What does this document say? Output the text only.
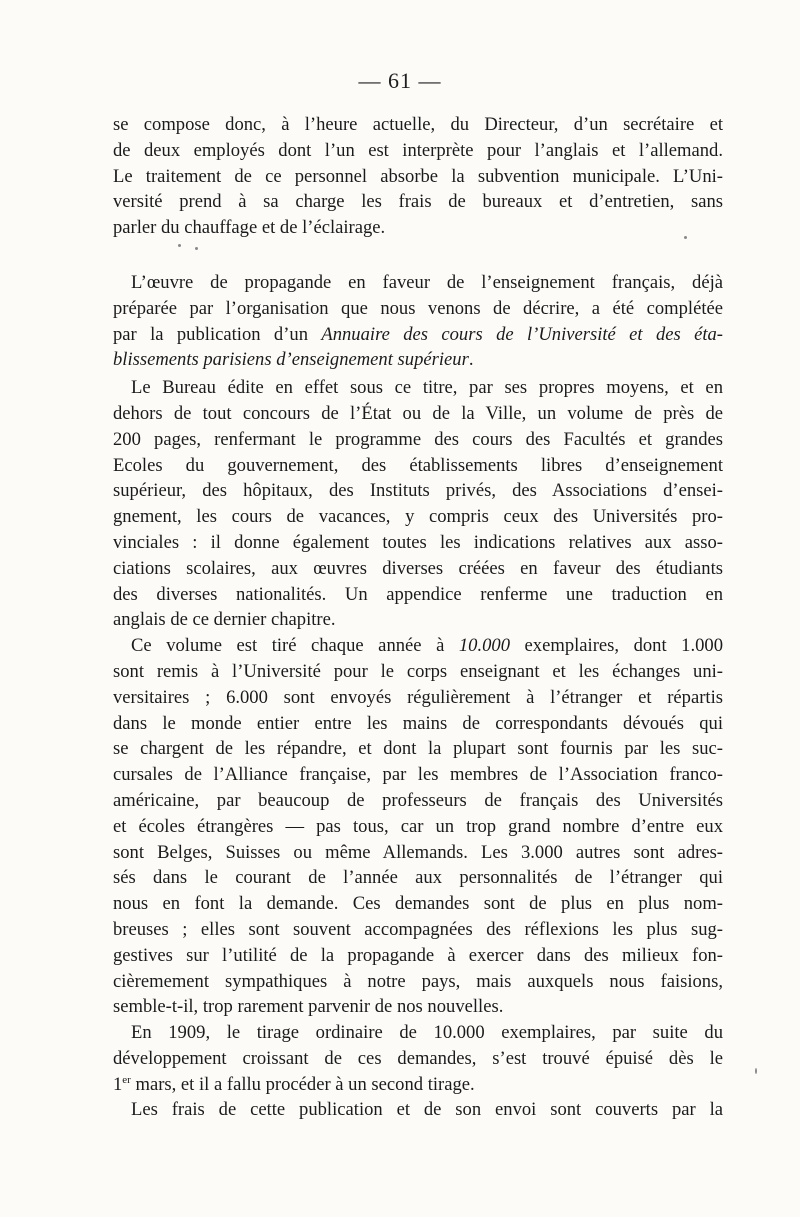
— 61 —
se compose donc, à l’heure actuelle, du Directeur, d’un secrétaire et
de deux employés dont l’un est interprète pour l’anglais et l’allemand.
Le traitement de ce personnel absorbe la subvention municipale. L’Uni-
versité prend à sa charge les frais de bureaux et d’entretien, sans
parler du chauffage et de l’éclairage.
L’œuvre de propagande en faveur de l’enseignement français, déjà
préparée par l’organisation que nous venons de décrire, a été complétée
par la publication d’un Annuaire des cours de l’Université et des éta-
blissements parisiens d’enseignement supérieur.
Le Bureau édite en effet sous ce titre, par ses propres moyens, et en
dehors de tout concours de l’État ou de la Ville, un volume de près de
200 pages, renfermant le programme des cours des Facultés et grandes
Ecoles du gouvernement, des établissements libres d’enseignement
supérieur, des hôpitaux, des Instituts privés, des Associations d’ensei-
gnement, les cours de vacances, y compris ceux des Universités pro-
vinciales : il donne également toutes les indications relatives aux asso-
ciations scolaires, aux œuvres diverses créées en faveur des étudiants
des diverses nationalités. Un appendice renferme une traduction en
anglais de ce dernier chapitre.
Ce volume est tiré chaque année à 10.000 exemplaires, dont 1.000
sont remis à l’Université pour le corps enseignant et les échanges uni-
versitaires ; 6.000 sont envoyés régulièrement à l’étranger et répartis
dans le monde entier entre les mains de correspondants dévoués qui
se chargent de les répandre, et dont la plupart sont fournis par les suc-
cursales de l’Alliance française, par les membres de l’Association franco-
américaine, par beaucoup de professeurs de français des Universités
et écoles étrangères — pas tous, car un trop grand nombre d’entre eux
sont Belges, Suisses ou même Allemands. Les 3.000 autres sont adres-
sés dans le courant de l’année aux personnalités de l’étranger qui
nous en font la demande. Ces demandes sont de plus en plus nom-
breuses ; elles sont souvent accompagnées des réflexions les plus sug-
gestives sur l’utilité de la propagande à exercer dans des milieux fon-
cièremement sympathiques à notre pays, mais auxquels nous faisions,
semble-t-il, trop rarement parvenir de nos nouvelles.
En 1909, le tirage ordinaire de 10.000 exemplaires, par suite du
développement croissant de ces demandes, s’est trouvé épuisé dès le
1er mars, et il a fallu procéder à un second tirage.
Les frais de cette publication et de son envoi sont couverts par la
